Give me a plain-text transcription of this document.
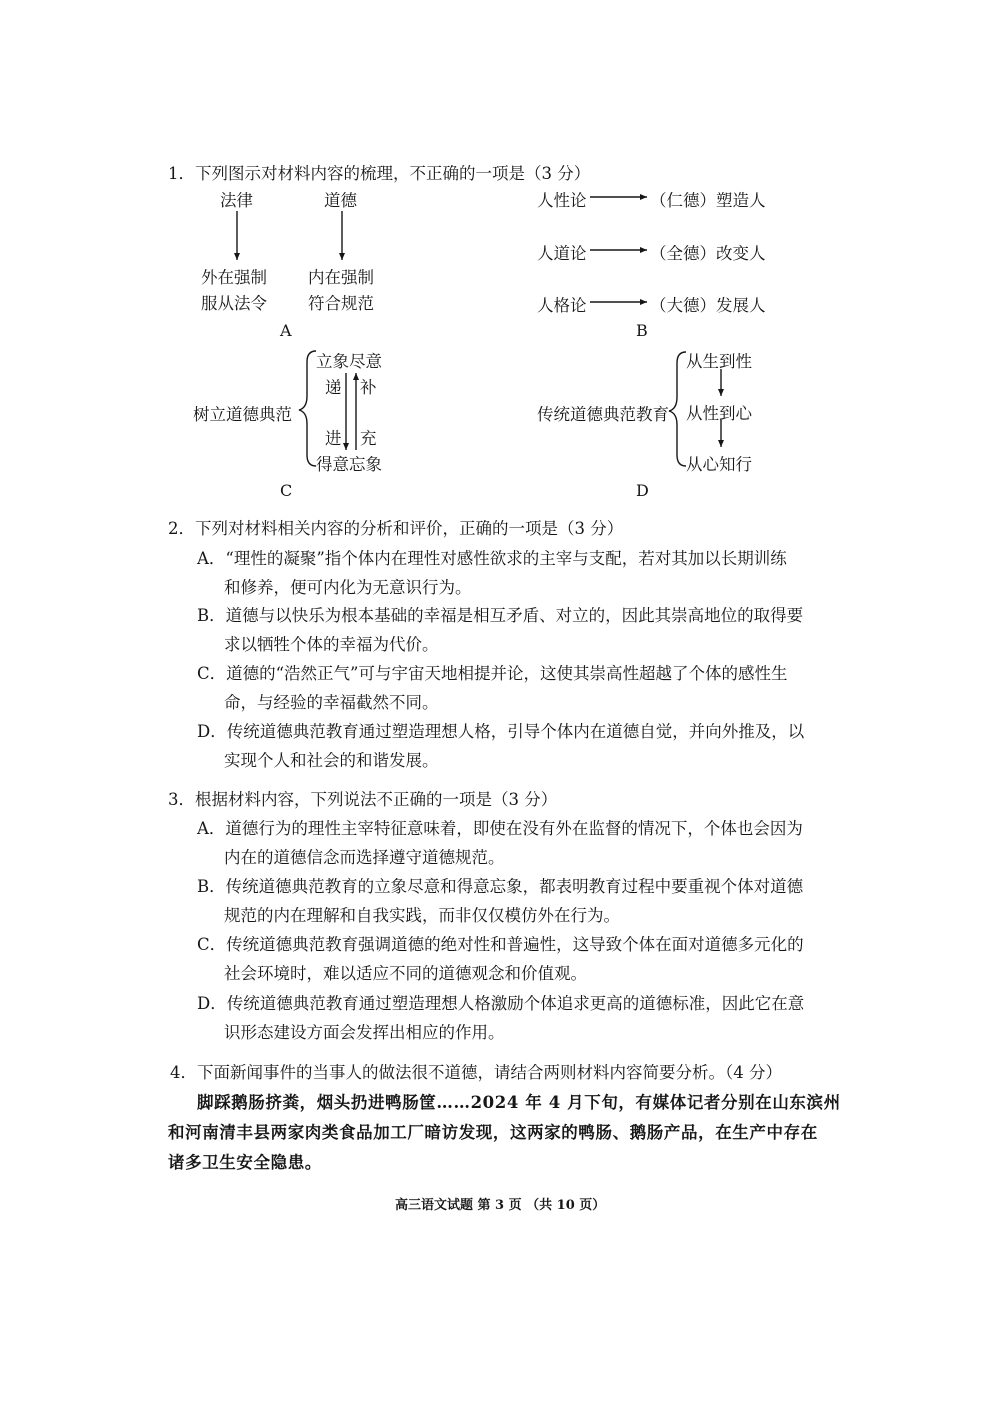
1．下列图示对材料内容的梳理，不正确的一项是（3 分）
法律	道德
外在强制
服从法令
内在强制
符合规范
A
人性论	（仁德）塑造人
人道论	（全德）改变人
人格论	（大德）发展人
B
树立道德典范
立象尽意
得意忘象
递
进
补
充
C
传统道德典范教育
从生到性
从性到心
从心知行
D
2．下列对材料相关内容的分析和评价，正确的一项是（3 分）
A．“理性的凝聚”指个体内在理性对感性欲求的主宰与支配，若对其加以长期训练
和修养，便可内化为无意识行为。
B．道德与以快乐为根本基础的幸福是相互矛盾、对立的，因此其崇高地位的取得要
求以牺牲个体的幸福为代价。
C．道德的“浩然正气”可与宇宙天地相提并论，这使其崇高性超越了个体的感性生
命，与经验的幸福截然不同。
D．传统道德典范教育通过塑造理想人格，引导个体内在道德自觉，并向外推及，以
实现个人和社会的和谐发展。
3．根据材料内容，下列说法不正确的一项是（3 分）
A．道德行为的理性主宰特征意味着，即使在没有外在监督的情况下，个体也会因为
内在的道德信念而选择遵守道德规范。
B．传统道德典范教育的立象尽意和得意忘象，都表明教育过程中要重视个体对道德
规范的内在理解和自我实践，而非仅仅模仿外在行为。
C．传统道德典范教育强调道德的绝对性和普遍性，这导致个体在面对道德多元化的
社会环境时，难以适应不同的道德观念和价值观。
D．传统道德典范教育通过塑造理想人格激励个体追求更高的道德标准，因此它在意
识形态建设方面会发挥出相应的作用。
4．下面新闻事件的当事人的做法很不道德，请结合两则材料内容简要分析。（4 分）
脚踩鹅肠挤粪，烟头扔进鸭肠筐……2024 年 4 月下旬，有媒体记者分别在山东滨州
和河南清丰县两家肉类食品加工厂暗访发现，这两家的鸭肠、鹅肠产品，在生产中存在
诸多卫生安全隐患。
高三语文试题 第 3 页 （共 10 页）
